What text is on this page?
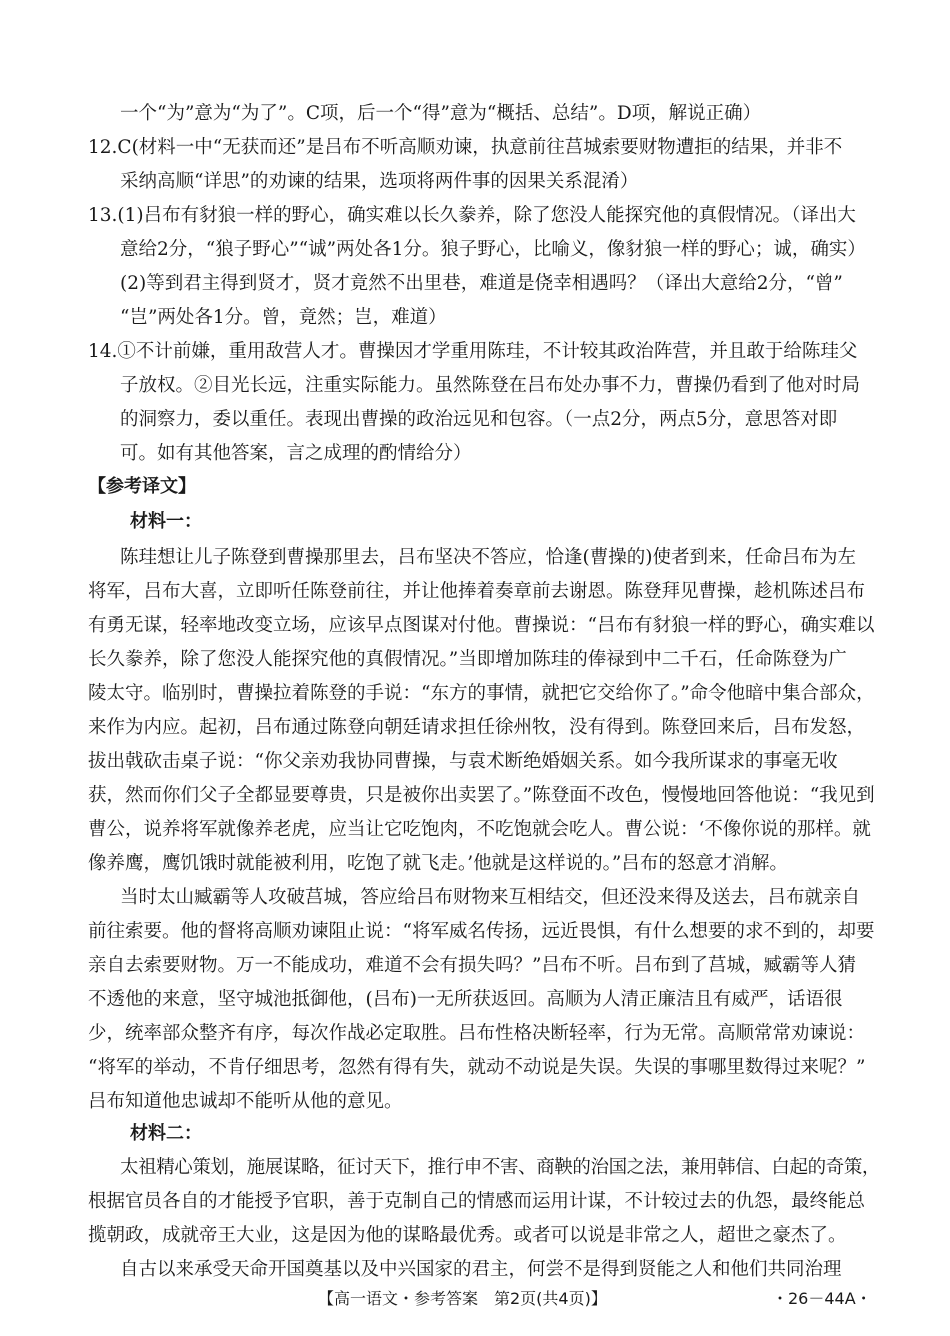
一个“为”意为“为了”。C项，后一个“得”意为“概括、总结”。D项，解说正确）
12.C(材料一中“无获而还”是吕布不听高顺劝谏，执意前往莒城索要财物遭拒的结果，并非不
采纳高顺“详思”的劝谏的结果，选项将两件事的因果关系混淆）
13.(1)吕布有豺狼一样的野心，确实难以长久豢养，除了您没人能探究他的真假情况。（译出大
意给2分，“狼子野心”“诚”两处各1分。狼子野心，比喻义，像豺狼一样的野心；诚，确实）
(2)等到君主得到贤才，贤才竟然不出里巷，难道是侥幸相遇吗？（译出大意给2分，“曾”
“岂”两处各1分。曾，竟然；岂，难道）
14.①不计前嫌，重用敌营人才。曹操因才学重用陈珪，不计较其政治阵营，并且敢于给陈珪父
子放权。②目光长远，注重实际能力。虽然陈登在吕布处办事不力，曹操仍看到了他对时局
的洞察力，委以重任。表现出曹操的政治远见和包容。（一点2分，两点5分，意思答对即
可。如有其他答案，言之成理的酌情给分）
【参考译文】
材料一：
陈珪想让儿子陈登到曹操那里去，吕布坚决不答应，恰逢(曹操的)使者到来，任命吕布为左
将军，吕布大喜，立即听任陈登前往，并让他捧着奏章前去谢恩。陈登拜见曹操，趁机陈述吕布
有勇无谋，轻率地改变立场，应该早点图谋对付他。曹操说：“吕布有豺狼一样的野心，确实难以
长久豢养，除了您没人能探究他的真假情况。”当即增加陈珪的俸禄到中二千石，任命陈登为广
陵太守。临别时，曹操拉着陈登的手说：“东方的事情，就把它交给你了。”命令他暗中集合部众，
来作为内应。起初，吕布通过陈登向朝廷请求担任徐州牧，没有得到。陈登回来后，吕布发怒，
拔出戟砍击桌子说：“你父亲劝我协同曹操，与袁术断绝婚姻关系。如今我所谋求的事毫无收
获，然而你们父子全都显要尊贵，只是被你出卖罢了。”陈登面不改色，慢慢地回答他说：“我见到
曹公，说养将军就像养老虎，应当让它吃饱肉，不吃饱就会吃人。曹公说：‘不像你说的那样。就
像养鹰，鹰饥饿时就能被利用，吃饱了就飞走。’他就是这样说的。”吕布的怒意才消解。
当时太山臧霸等人攻破莒城，答应给吕布财物来互相结交，但还没来得及送去，吕布就亲自
前往索要。他的督将高顺劝谏阻止说：“将军威名传扬，远近畏惧，有什么想要的求不到的，却要
亲自去索要财物。万一不能成功，难道不会有损失吗？”吕布不听。吕布到了莒城，臧霸等人猜
不透他的来意，坚守城池抵御他，(吕布)一无所获返回。高顺为人清正廉洁且有威严，话语很
少，统率部众整齐有序，每次作战必定取胜。吕布性格决断轻率，行为无常。高顺常常劝谏说：
“将军的举动，不肯仔细思考，忽然有得有失，就动不动说是失误。失误的事哪里数得过来呢？”
吕布知道他忠诚却不能听从他的意见。
材料二：
太祖精心策划，施展谋略，征讨天下，推行申不害、商鞅的治国之法，兼用韩信、白起的奇策，
根据官员各自的才能授予官职，善于克制自己的情感而运用计谋，不计较过去的仇怨，最终能总
揽朝政，成就帝王大业，这是因为他的谋略最优秀。或者可以说是非常之人，超世之豪杰了。
自古以来承受天命开国奠基以及中兴国家的君主，何尝不是得到贤能之人和他们共同治理
【高一语文・参考答案　第2页(共4页)】	・26－44A・
